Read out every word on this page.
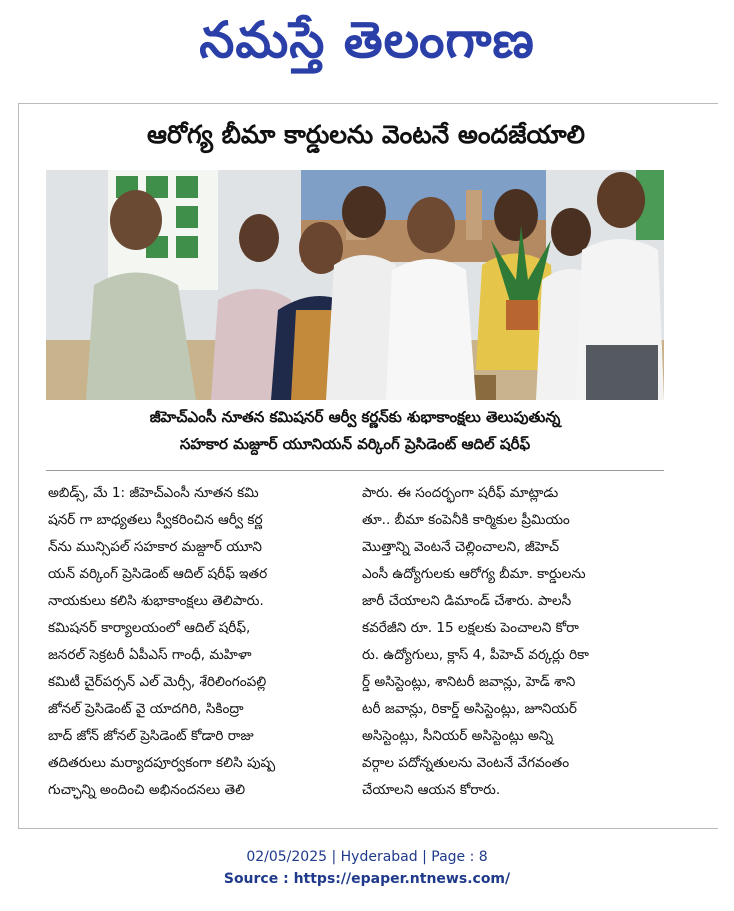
నమస్తే తెలంగాణ
ఆరోగ్య బీమా కార్డులను వెంటనే అందజేయాలి
జీహెచ్ఎంసీ నూతన కమిషనర్ ఆర్వీ కర్ణన్‌కు శుభాకాంక్షలు తెలుపుతున్న
సహకార మజ్దూర్ యూనియన్ వర్కింగ్ ప్రెసిడెంట్ ఆదిల్ షరీఫ్
అబిడ్స్, మే 1: జీహెచ్ఎంసీ నూతన కమి
షనర్ గా బాధ్యతలు స్వీకరించిన ఆర్వీ కర్ణ
న్‌ను మున్సిపల్ సహకార మజ్దూర్ యూని
యన్ వర్కింగ్ ప్రెసిడెంట్ ఆదిల్ షరీఫ్ ఇతర
నాయకులు కలిసి శుభాకాంక్షలు తెలిపారు.
కమిషనర్ కార్యాలయంలో ఆదిల్ షరీఫ్,
జనరల్ సెక్రటరీ ఏపీఎస్ గాంధీ, మహిళా
కమిటీ చైర్‌పర్సన్ ఎల్ మెర్సీ, శేరిలింగంపల్లి
జోనల్ ప్రెసిడెంట్ వై యాదగిరి, సికింద్రా
బాద్ జోన్ జోనల్ ప్రెసిడెంట్ కోడారి రాజు
తదితరులు మర్యాదపూర్వకంగా కలిసి పుష్ప
గుచ్ఛాన్ని అందించి అభినందనలు తెలి
పారు. ఈ సందర్భంగా షరీఫ్ మాట్లాడు
తూ.. బీమా కంపెనీకి కార్మికుల ప్రీమియం
మొత్తాన్ని వెంటనే చెల్లించాలని, జీహెచ్
ఎంసీ ఉద్యోగులకు ఆరోగ్య బీమా. కార్డులను
జారీ చేయాలని డిమాండ్ చేశారు. పాలసీ
కవరేజీని రూ. 15 లక్షలకు పెంచాలని కోరా
రు. ఉద్యోగులు, క్లాస్ 4, పీహెచ్ వర్కర్లు రికా
ర్డ్ అసిస్టెంట్లు, శానిటరీ జవాన్లు, హెడ్ శాని
టరీ జవాన్లు, రికార్డ్ అసిస్టెంట్లు, జూనియర్
అసిస్టెంట్లు, సీనియర్ అసిస్టెంట్లు అన్ని
వర్గాల పదోన్నతులను వెంటనే వేగవంతం
చేయాలని ఆయన కోరారు.
02/05/2025 | Hyderabad | Page : 8
Source : https://epaper.ntnews.com/
